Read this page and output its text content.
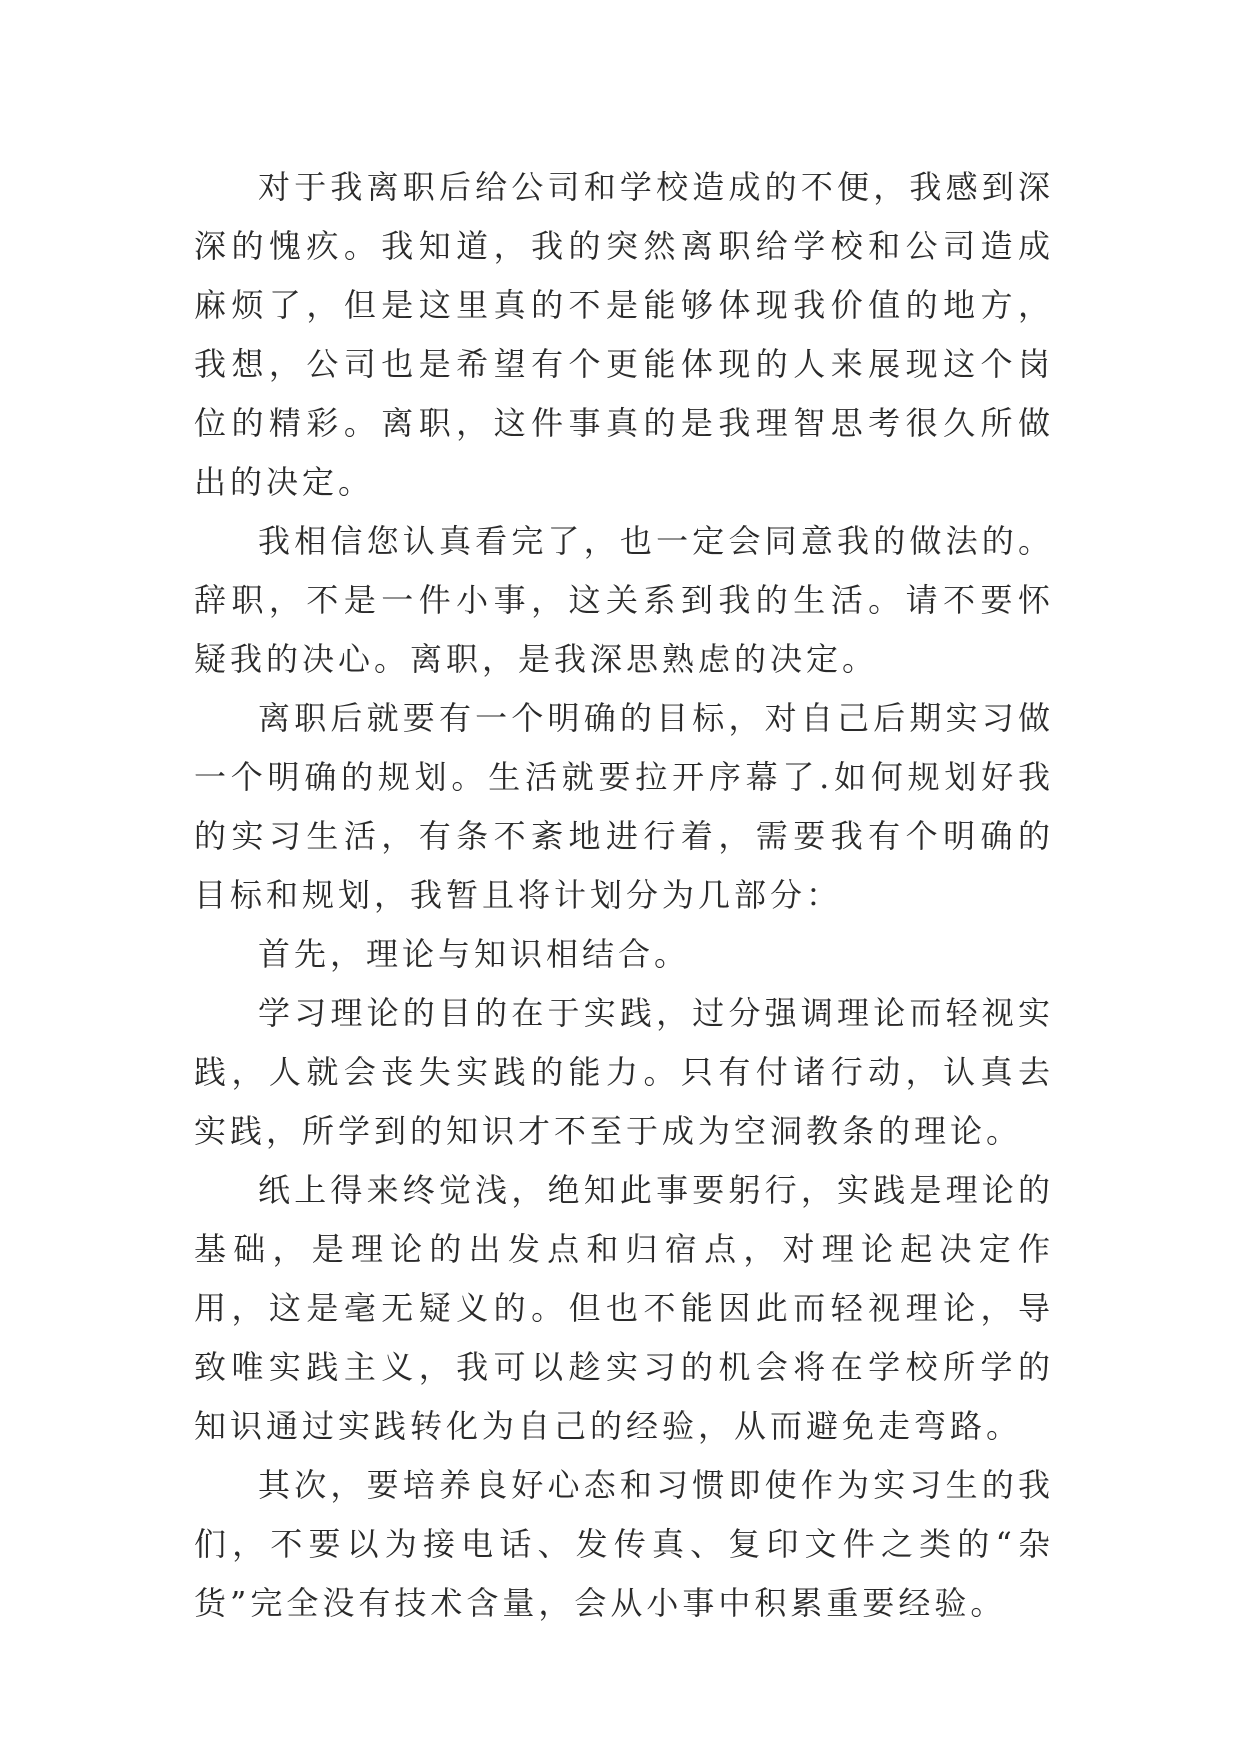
对于我离职后给公司和学校造成的不便，我感到深深的愧疚。我知道，我的突然离职给学校和公司造成麻烦了，但是这里真的不是能够体现我价值的地方，我想，公司也是希望有个更能体现的人来展现这个岗位的精彩。离职，这件事真的是我理智思考很久所做出的决定。

我相信您认真看完了，也一定会同意我的做法的。辞职，不是一件小事，这关系到我的生活。请不要怀疑我的决心。离职，是我深思熟虑的决定。

离职后就要有一个明确的目标，对自己后期实习做一个明确的规划。生活就要拉开序幕了.如何规划好我的实习生活，有条不紊地进行着，需要我有个明确的目标和规划，我暂且将计划分为几部分：

首先，理论与知识相结合。

学习理论的目的在于实践，过分强调理论而轻视实践，人就会丧失实践的能力。只有付诸行动，认真去实践，所学到的知识才不至于成为空洞教条的理论。

纸上得来终觉浅，绝知此事要躬行，实践是理论的基础，是理论的出发点和归宿点，对理论起决定作用，这是毫无疑义的。但也不能因此而轻视理论，导致唯实践主义，我可以趁实习的机会将在学校所学的知识通过实践转化为自己的经验，从而避免走弯路。

其次，要培养良好心态和习惯即使作为实习生的我们，不要以为接电话、发传真、复印文件之类的“杂货”完全没有技术含量，会从小事中积累重要经验。
